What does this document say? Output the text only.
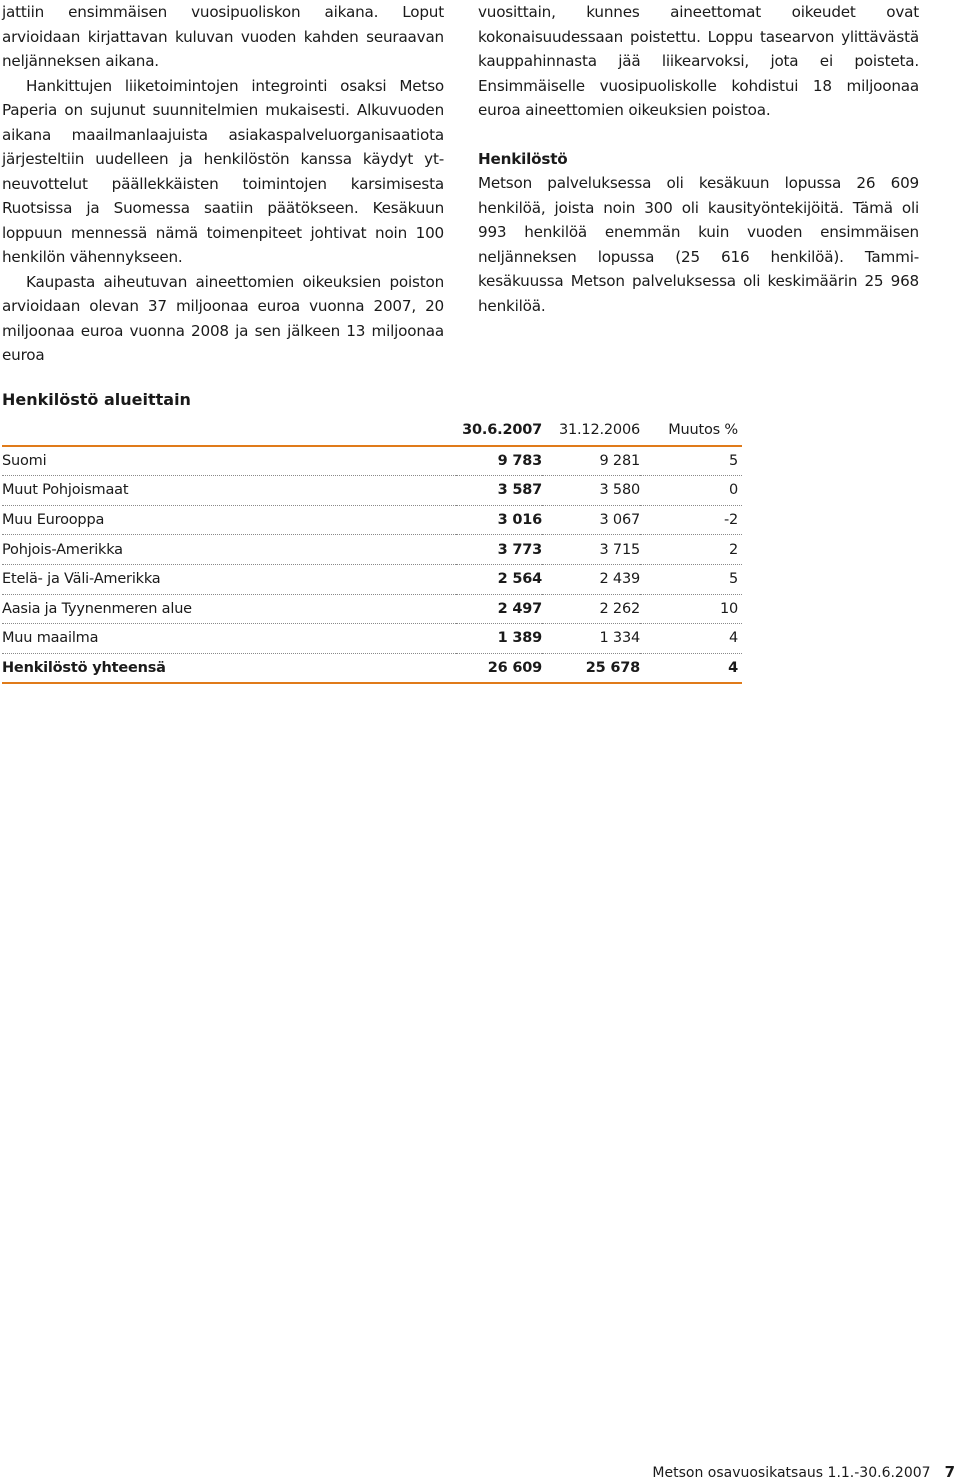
jattiin ensimmäisen vuosipuoliskon aikana. Loput arvioidaan kirjattavan kuluvan vuoden kahden seuraavan neljänneksen aikana.

Hankittujen liiketoimintojen integrointi osaksi Metso Paperia on sujunut suunnitelmien mukaisesti. Alkuvuoden aikana maailmanlaajuista asiakaspalveluorganisaatiota järjesteltiin uudelleen ja henkilöstön kanssa käydyt yt-neuvottelut päällekkäisten toimintojen karsimisesta Ruotsissa ja Suomessa saatiin päätökseen. Kesäkuun loppuun mennessä nämä toimenpiteet johtivat noin 100 henkilön vähennykseen.

Kaupasta aiheutuvan aineettomien oikeuksien poiston arvioidaan olevan 37 miljoonaa euroa vuonna 2007, 20 miljoonaa euroa vuonna 2008 ja sen jälkeen 13 miljoonaa euroa

vuosittain, kunnes aineettomat oikeudet ovat kokonaisuudessaan poistettu. Loppu tasearvon ylittävästä kauppahinnasta jää liikearvoksi, jota ei poisteta. Ensimmäiselle vuosipuoliskolle kohdistui 18 miljoonaa euroa aineettomien oikeuksien poistoa.

Henkilöstö

Metson palveluksessa oli kesäkuun lopussa 26 609 henkilöä, joista noin 300 oli kausityöntekijöitä. Tämä oli 993 henkilöä enemmän kuin vuoden ensimmäisen neljänneksen lopussa (25 616 henkilöä). Tammi-kesäkuussa Metson palveluksessa oli keskimäärin 25 968 henkilöä.

Henkilöstö alueittain
	30.6.2007	31.12.2006	Muutos %
Suomi	9 783	9 281	5
Muut Pohjoismaat	3 587	3 580	0
Muu Eurooppa	3 016	3 067	-2
Pohjois-Amerikka	3 773	3 715	2
Etelä- ja Väli-Amerikka	2 564	2 439	5
Aasia ja Tyynenmeren alue	2 497	2 262	10
Muu maailma	1 389	1 334	4
Henkilöstö yhteensä	26 609	25 678	4
Metson osavuosikatsaus 1.1.-30.6.2007 7
